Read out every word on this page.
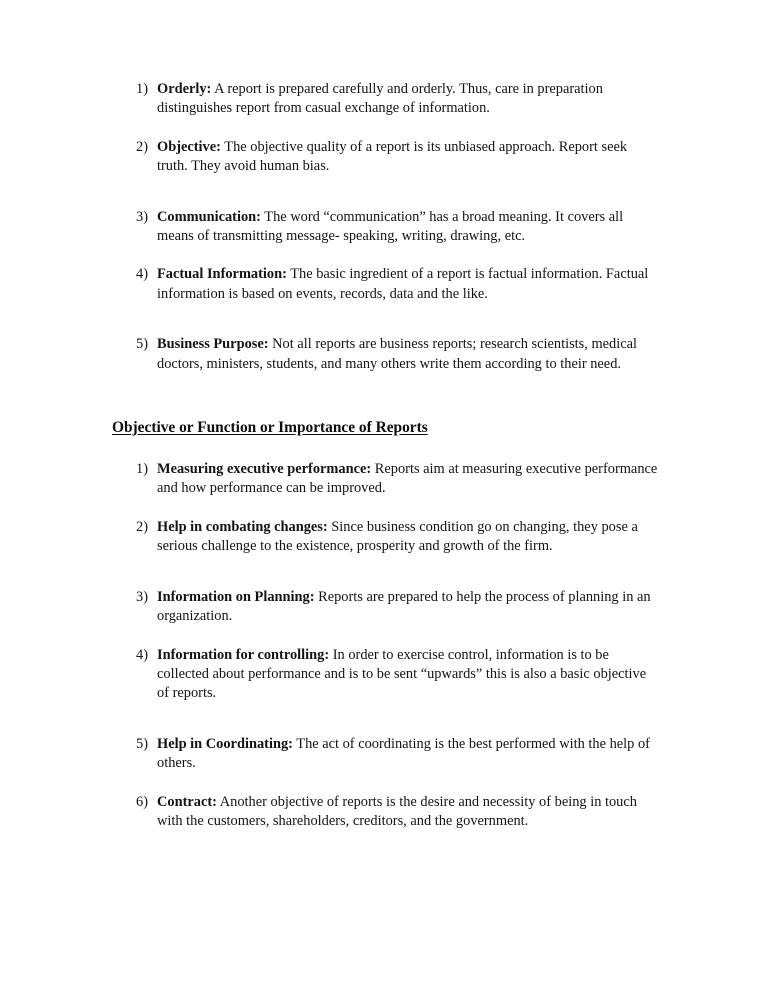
1) Orderly: A report is prepared carefully and orderly. Thus, care in preparation distinguishes report from casual exchange of information.
2) Objective: The objective quality of a report is its unbiased approach. Report seek truth. They avoid human bias.
3) Communication: The word “communication” has a broad meaning. It covers all means of transmitting message- speaking, writing, drawing, etc.
4) Factual Information: The basic ingredient of a report is factual information. Factual information is based on events, records, data and the like.
5) Business Purpose: Not all reports are business reports; research scientists, medical doctors, ministers, students, and many others write them according to their need.
Objective or Function or Importance of Reports
1) Measuring executive performance: Reports aim at measuring executive performance and how performance can be improved.
2) Help in combating changes: Since business condition go on changing, they pose a serious challenge to the existence, prosperity and growth of the firm.
3) Information on Planning: Reports are prepared to help the process of planning in an organization.
4) Information for controlling: In order to exercise control, information is to be collected about performance and is to be sent “upwards” this is also a basic objective of reports.
5) Help in Coordinating: The act of coordinating is the best performed with the help of others.
6) Contract: Another objective of reports is the desire and necessity of being in touch with the customers, shareholders, creditors, and the government.
